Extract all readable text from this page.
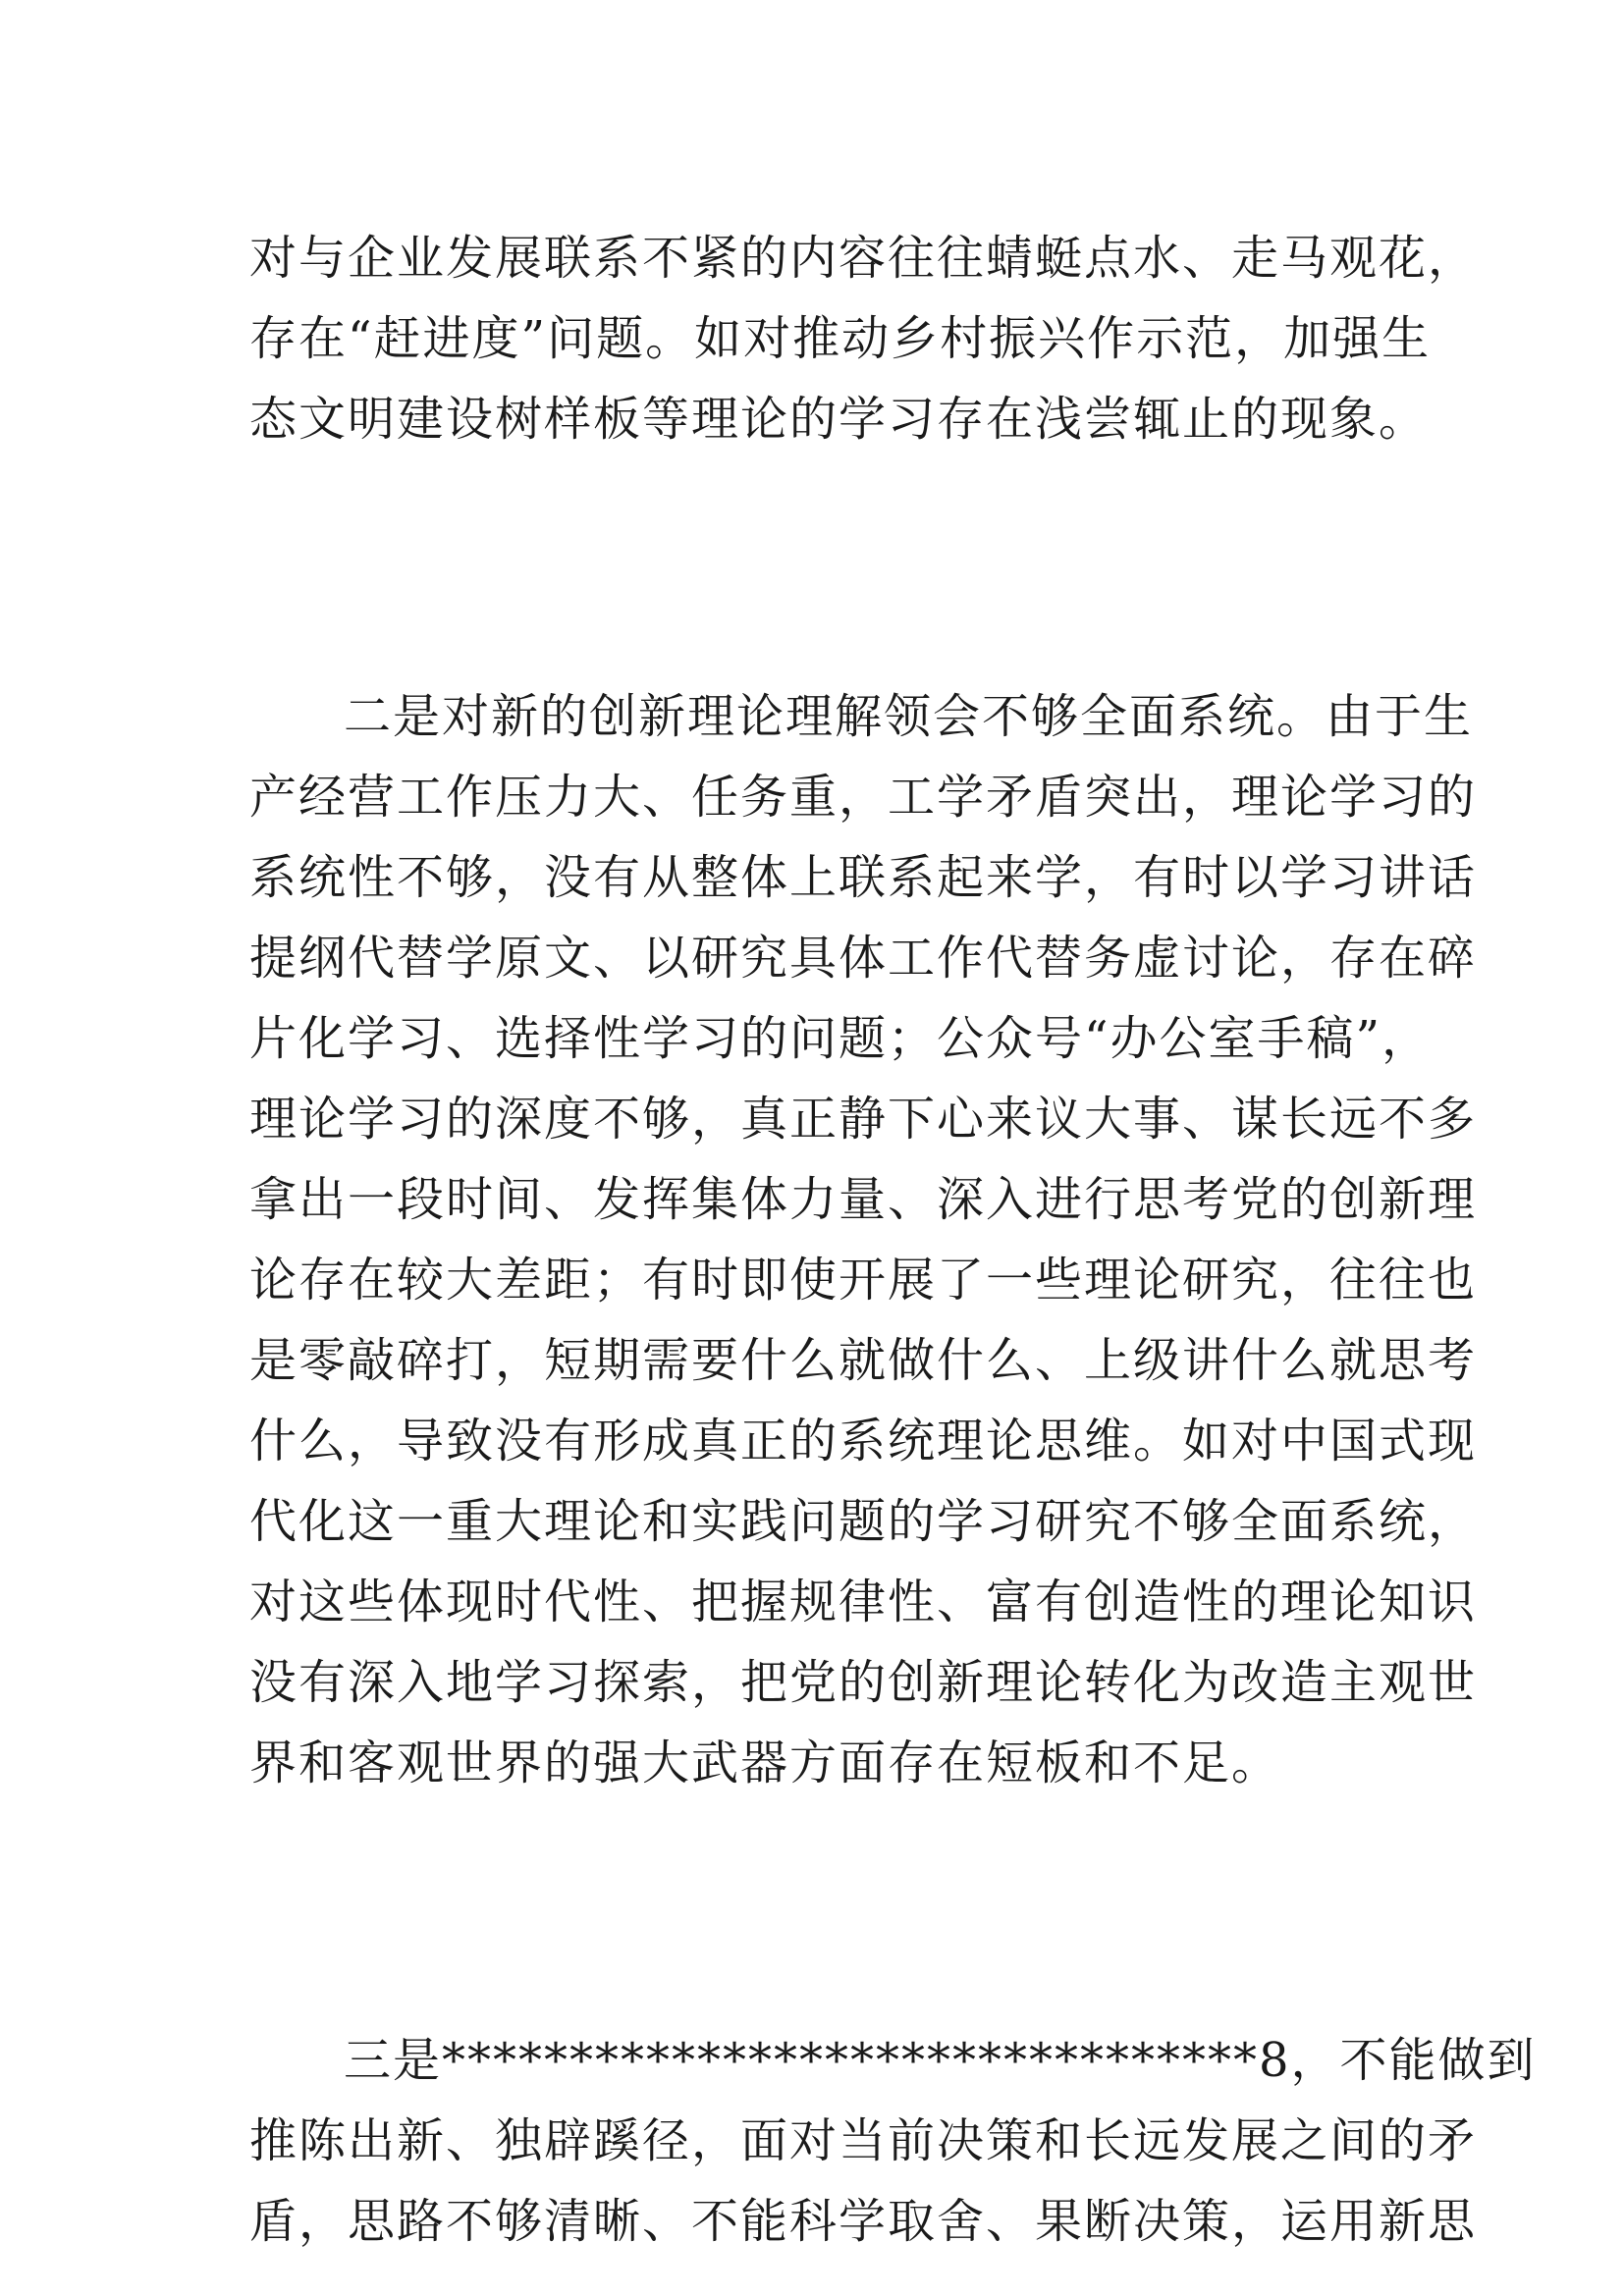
对与企业发展联系不紧的内容往往蜻蜓点水、走马观花，
存在“赶进度”问题。如对推动乡村振兴作示范，加强生
态文明建设树样板等理论的学习存在浅尝辄止的现象。
二是对新的创新理论理解领会不够全面系统。由于生
产经营工作压力大、任务重，工学矛盾突出，理论学习的
系统性不够，没有从整体上联系起来学，有时以学习讲话
提纲代替学原文、以研究具体工作代替务虚讨论，存在碎
片化学习、选择性学习的问题；公众号“办公室手稿”，
理论学习的深度不够，真正静下心来议大事、谋长远不多
拿出一段时间、发挥集体力量、深入进行思考党的创新理
论存在较大差距；有时即使开展了一些理论研究，往往也
是零敲碎打，短期需要什么就做什么、上级讲什么就思考
什么，导致没有形成真正的系统理论思维。如对中国式现
代化这一重大理论和实践问题的学习研究不够全面系统，
对这些体现时代性、把握规律性、富有创造性的理论知识
没有深入地学习探索，把党的创新理论转化为改造主观世
界和客观世界的强大武器方面存在短板和不足。
三是********************************8，不能做到
推陈出新、独辟蹊径，面对当前决策和长远发展之间的矛
盾，思路不够清晰、不能科学取舍、果断决策，运用新思
